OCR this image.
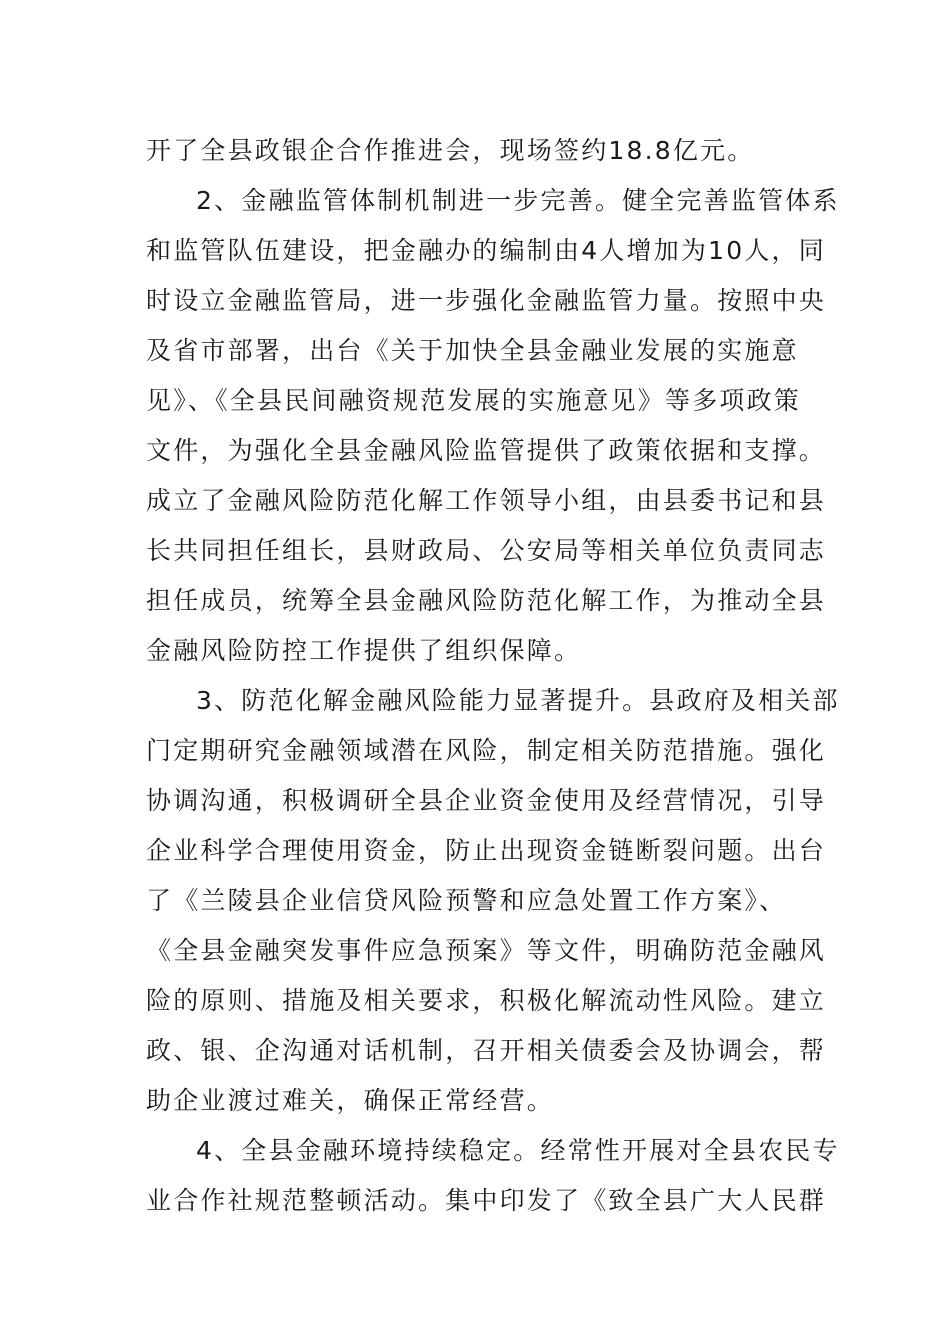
开了全县政银企合作推进会，现场签约18.8亿元。
2、金融监管体制机制进一步完善。健全完善监管体系
和监管队伍建设，把金融办的编制由4人增加为10人，同
时设立金融监管局，进一步强化金融监管力量。按照中央
及省市部署，出台《关于加快全县金融业发展的实施意
见》、《全县民间融资规范发展的实施意见》等多项政策
文件，为强化全县金融风险监管提供了政策依据和支撑。
成立了金融风险防范化解工作领导小组，由县委书记和县
长共同担任组长，县财政局、公安局等相关单位负责同志
担任成员，统筹全县金融风险防范化解工作，为推动全县
金融风险防控工作提供了组织保障。
3、防范化解金融风险能力显著提升。县政府及相关部
门定期研究金融领域潜在风险，制定相关防范措施。强化
协调沟通，积极调研全县企业资金使用及经营情况，引导
企业科学合理使用资金，防止出现资金链断裂问题。出台
了《兰陵县企业信贷风险预警和应急处置工作方案》、
《全县金融突发事件应急预案》等文件，明确防范金融风
险的原则、措施及相关要求，积极化解流动性风险。建立
政、银、企沟通对话机制，召开相关债委会及协调会，帮
助企业渡过难关，确保正常经营。
4、全县金融环境持续稳定。经常性开展对全县农民专
业合作社规范整顿活动。集中印发了《致全县广大人民群
